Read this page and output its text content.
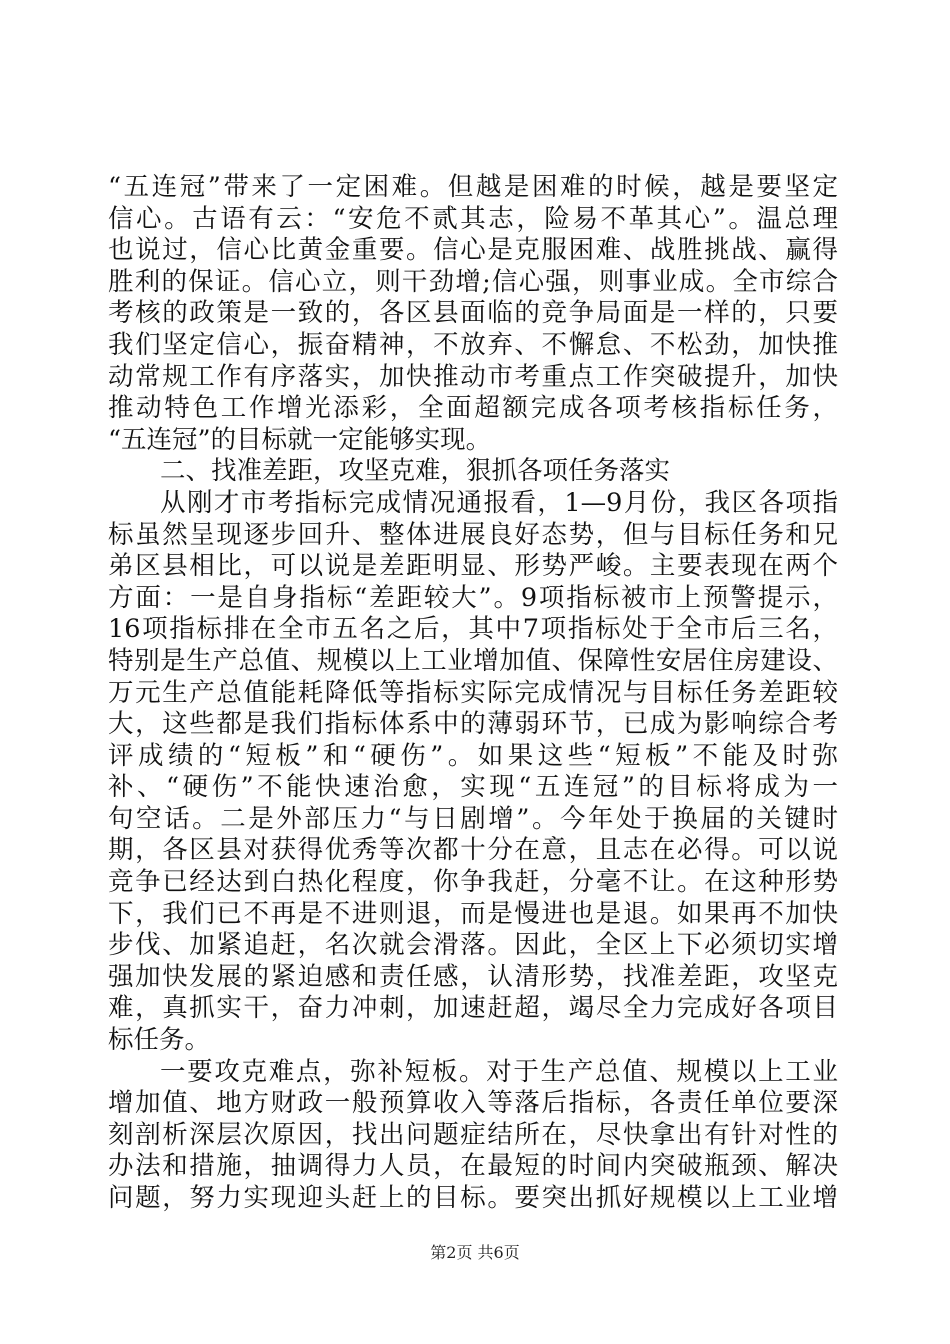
“五连冠”带来了一定困难。但越是困难的时候，越是要坚定
信心。古语有云：“安危不贰其志，险易不革其心”。温总理
也说过，信心比黄金重要。信心是克服困难、战胜挑战、赢得
胜利的保证。信心立，则干劲增;信心强，则事业成。全市综合
考核的政策是一致的，各区县面临的竞争局面是一样的，只要
我们坚定信心，振奋精神，不放弃、不懈怠、不松劲，加快推
动常规工作有序落实，加快推动市考重点工作突破提升，加快
推动特色工作增光添彩，全面超额完成各项考核指标任务，
“五连冠”的目标就一定能够实现。
二、找准差距，攻坚克难，狠抓各项任务落实
从刚才市考指标完成情况通报看，1—9月份，我区各项指
标虽然呈现逐步回升、整体进展良好态势，但与目标任务和兄
弟区县相比，可以说是差距明显、形势严峻。主要表现在两个
方面：一是自身指标“差距较大”。9项指标被市上预警提示，
16项指标排在全市五名之后，其中7项指标处于全市后三名，
特别是生产总值、规模以上工业增加值、保障性安居住房建设、
万元生产总值能耗降低等指标实际完成情况与目标任务差距较
大，这些都是我们指标体系中的薄弱环节，已成为影响综合考
评成绩的“短板”和“硬伤”。如果这些“短板”不能及时弥
补、“硬伤”不能快速治愈，实现“五连冠”的目标将成为一
句空话。二是外部压力“与日剧增”。今年处于换届的关键时
期，各区县对获得优秀等次都十分在意，且志在必得。可以说
竞争已经达到白热化程度，你争我赶，分毫不让。在这种形势
下，我们已不再是不进则退，而是慢进也是退。如果再不加快
步伐、加紧追赶，名次就会滑落。因此，全区上下必须切实增
强加快发展的紧迫感和责任感，认清形势，找准差距，攻坚克
难，真抓实干，奋力冲刺，加速赶超，竭尽全力完成好各项目
标任务。
一要攻克难点，弥补短板。对于生产总值、规模以上工业
增加值、地方财政一般预算收入等落后指标，各责任单位要深
刻剖析深层次原因，找出问题症结所在，尽快拿出有针对性的
办法和措施，抽调得力人员，在最短的时间内突破瓶颈、解决
问题，努力实现迎头赶上的目标。要突出抓好规模以上工业增
第2页 共6页
